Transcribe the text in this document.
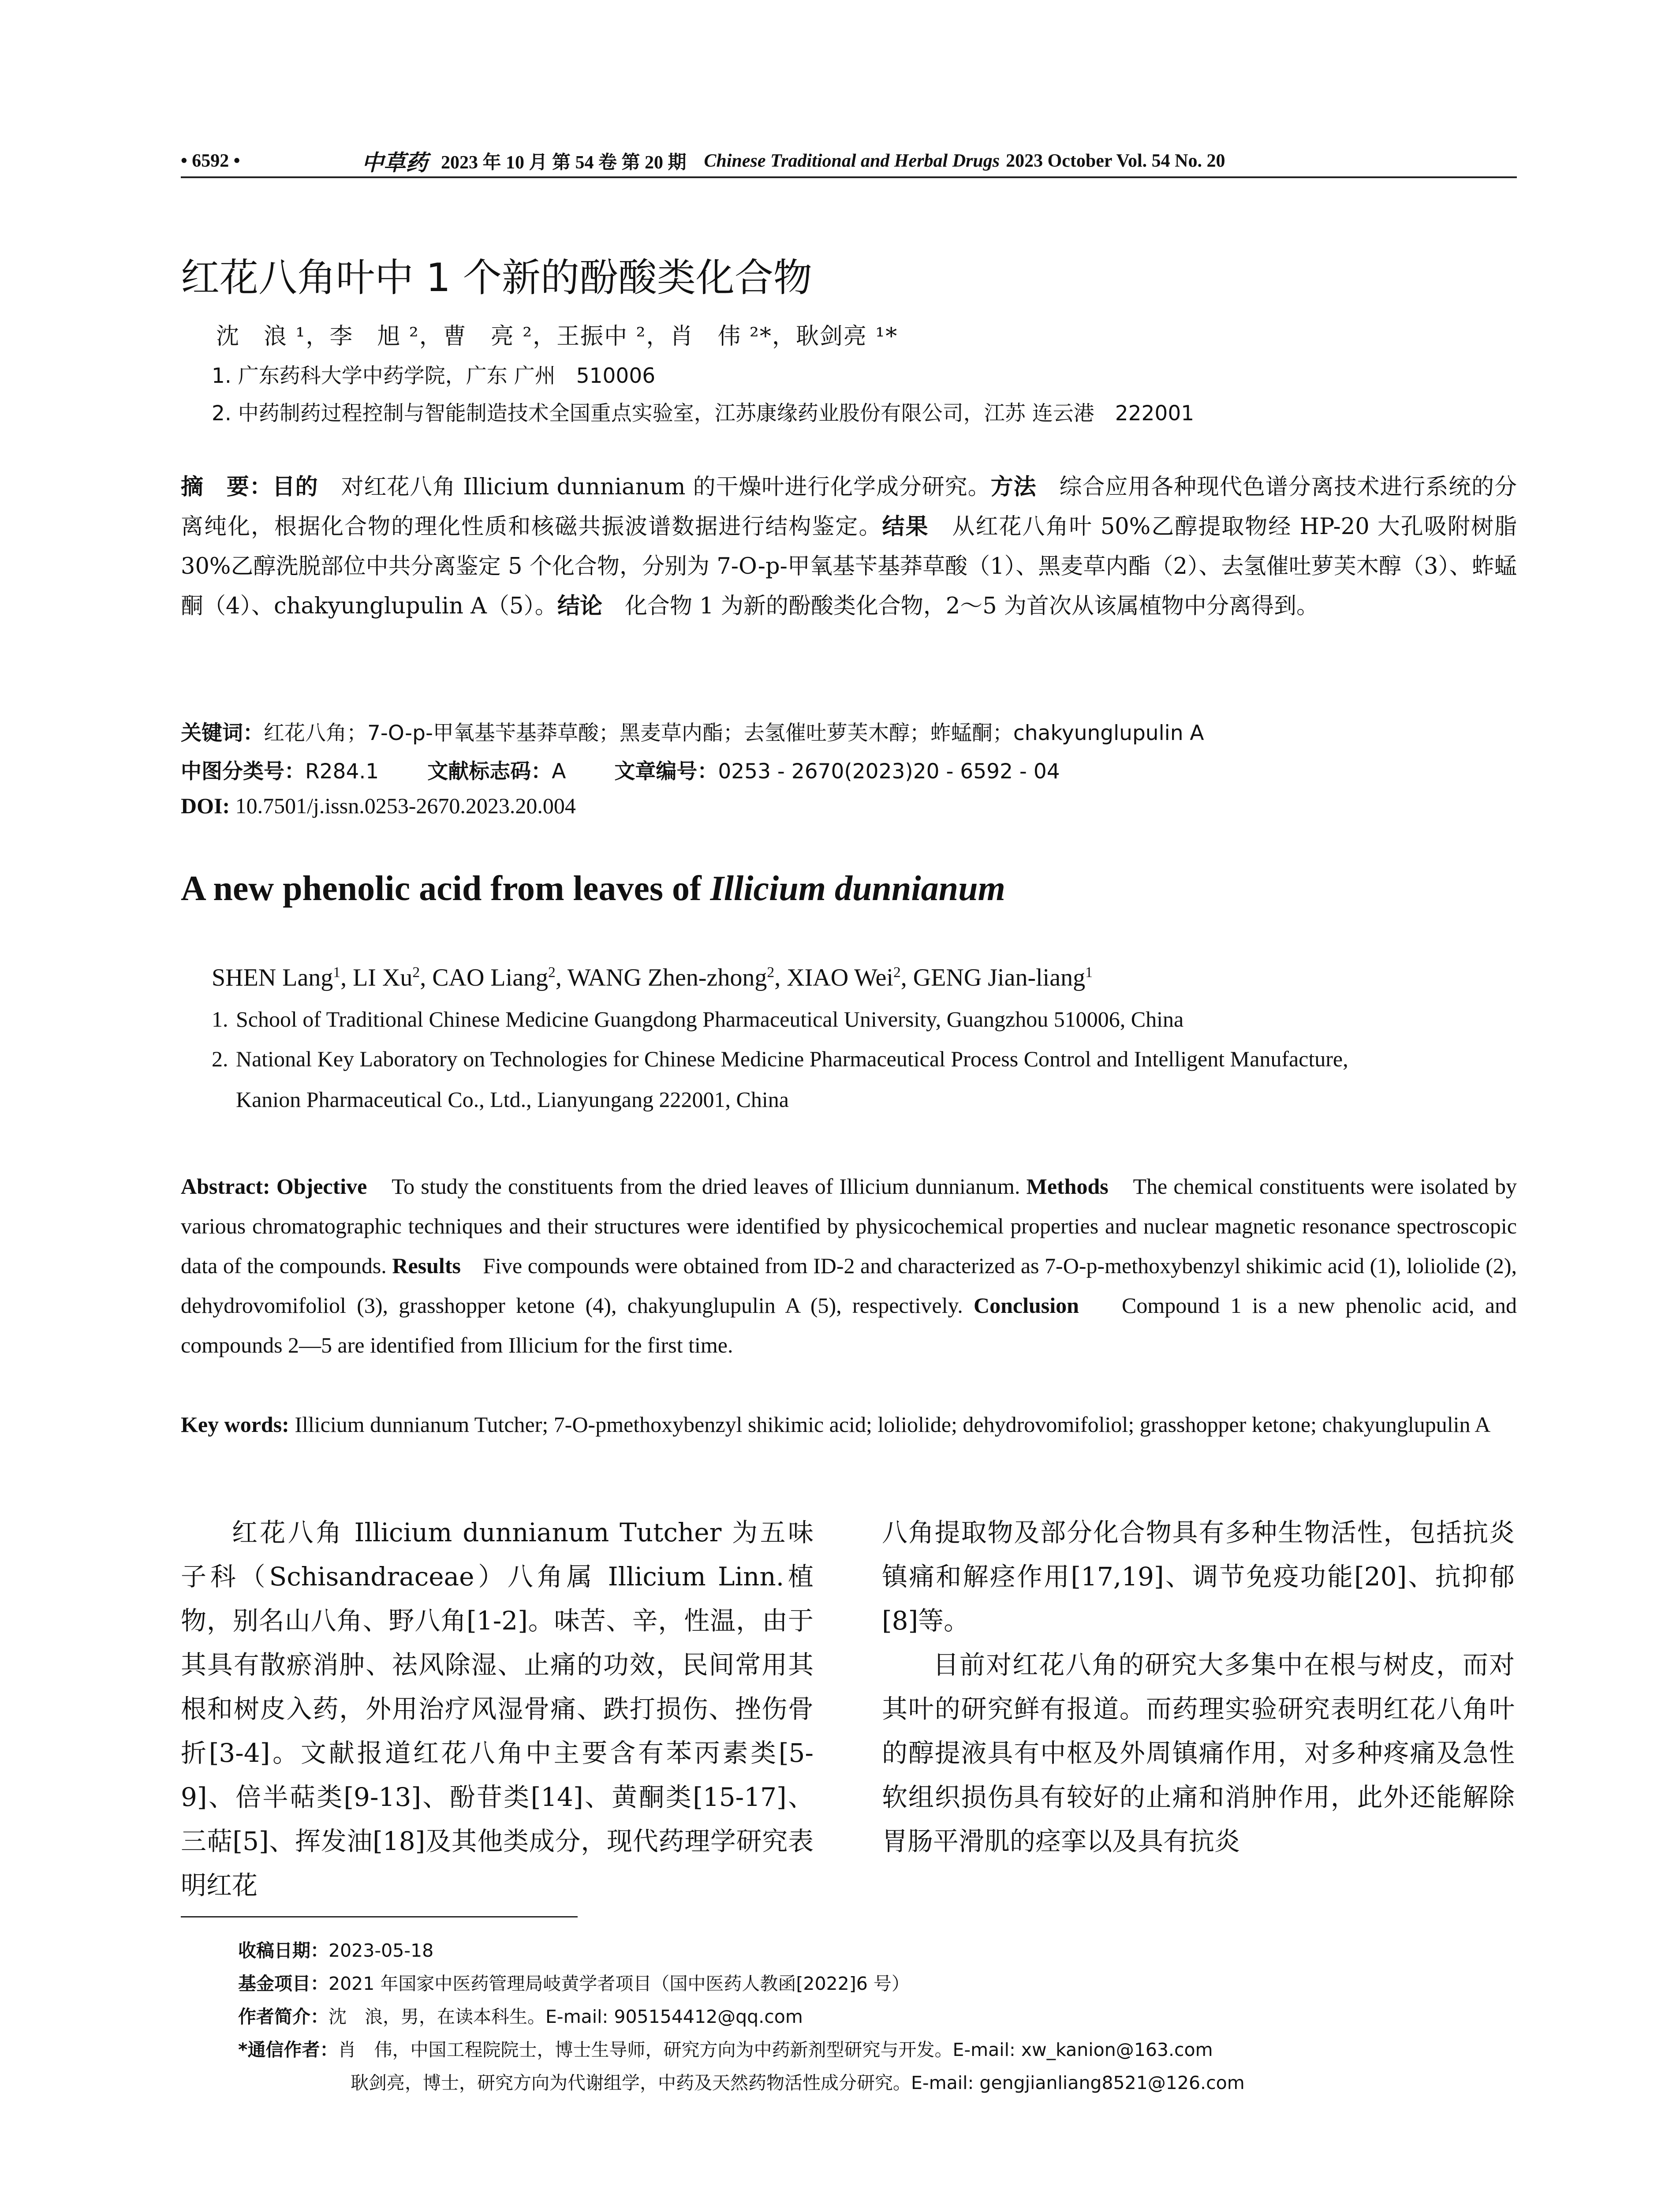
• 6592 •	中草药 2023 年 10 月 第 54 卷 第 20 期 Chinese Traditional and Herbal Drugs 2023 October Vol. 54 No. 20
红花八角叶中 1 个新的酚酸类化合物
沈　浪 ¹，李　旭 ²，曹　亮 ²，王振中 ²，肖　伟 ²*，耿剑亮 ¹*
1. 广东药科大学中药学院，广东 广州　510006
2. 中药制药过程控制与智能制造技术全国重点实验室，江苏康缘药业股份有限公司，江苏 连云港　222001
摘　要：目的　 对红花八角 Illicium dunnianum 的干燥叶进行化学成分研究。方法　 综合应用各种现代色谱分离技术进行系统的分离纯化，根据化合物的理化性质和核磁共振波谱数据进行结构鉴定。结果　 从红花八角叶 50%乙醇提取物经 HP-20 大孔吸附树脂 30%乙醇洗脱部位中共分离鉴定 5 个化合物，分别为 7-O-p-甲氧基苄基莽草酸（1）、黑麦草内酯（2）、去氢催吐萝芙木醇（3）、蚱蜢酮（4）、chakyunglupulin A（5）。结论　 化合物 1 为新的酚酸类化合物，2～5 为首次从该属植物中分离得到。
关键词：红花八角；7-O-p-甲氧基苄基莽草酸；黑麦草内酯；去氢催吐萝芙木醇；蚱蜢酮；chakyunglupulin A
中图分类号：R284.1 文献标志码：A 文章编号：0253 - 2670(2023)20 - 6592 - 04
DOI: 10.7501/j.issn.0253-2670.2023.20.004
A new phenolic acid from leaves of Illicium dunnianum
SHEN Lang$^1$, LI Xu$^2$, CAO Liang$^2$, WANG Zhen-zhong$^2$, XIAO Wei$^2$, GENG Jian-liang$^1$
1. School of Traditional Chinese Medicine Guangdong Pharmaceutical University, Guangzhou 510006, China
2. National Key Laboratory on Technologies for Chinese Medicine Pharmaceutical Process Control and Intelligent Manufacture,
Kanion Pharmaceutical Co., Ltd., Lianyungang 222001, China
Abstract: Objective To study the constituents from the dried leaves of Illicium dunnianum. Methods The chemical constituents were isolated by various chromatographic techniques and their structures were identified by physicochemical properties and nuclear magnetic resonance spectroscopic data of the compounds. Results Five compounds were obtained from ID-2 and characterized as 7-O-p-methoxybenzyl shikimic acid (1), loliolide (2), dehydrovomifoliol (3), grasshopper ketone (4), chakyunglupulin A (5), respectively. Conclusion Compound 1 is a new phenolic acid, and compounds 2—5 are identified from Illicium for the first time.
Key words: Illicium dunnianum Tutcher; 7-O-pmethoxybenzyl shikimic acid; loliolide; dehydrovomifoliol; grasshopper ketone; chakyunglupulin A

红花八角 Illicium dunnianum Tutcher 为五味子科（Schisandraceae）八角属 Illicium Linn.植物，别名山八角、野八角[1-2]。味苦、辛，性温，由于其具有散瘀消肿、祛风除湿、止痛的功效，民间常用其根和树皮入药，外用治疗风湿骨痛、跌打损伤、挫伤骨折[3-4]。文献报道红花八角中主要含有苯丙素类[5-9]、倍半萜类[9-13]、酚苷类[14]、黄酮类[15-17]、三萜[5]、挥发油[18]及其他类成分，现代药理学研究表明红花

八角提取物及部分化合物具有多种生物活性，包括抗炎镇痛和解痉作用[17,19]、调节免疫功能[20]、抗抑郁[8]等。

目前对红花八角的研究大多集中在根与树皮，而对其叶的研究鲜有报道。而药理实验研究表明红花八角叶的醇提液具有中枢及外周镇痛作用，对多种疼痛及急性软组织损伤具有较好的止痛和消肿作用，此外还能解除胃肠平滑肌的痉挛以及具有抗炎

收稿日期：2023-05-18
基金项目：2021 年国家中医药管理局岐黄学者项目（国中医药人教函[2022]6 号）
作者简介：沈　浪，男，在读本科生。E-mail: 905154412@qq.com
*通信作者：肖　伟，中国工程院院士，博士生导师，研究方向为中药新剂型研究与开发。E-mail: xw_kanion@163.com
耿剑亮，博士，研究方向为代谢组学，中药及天然药物活性成分研究。E-mail: gengjianliang8521@126.com
